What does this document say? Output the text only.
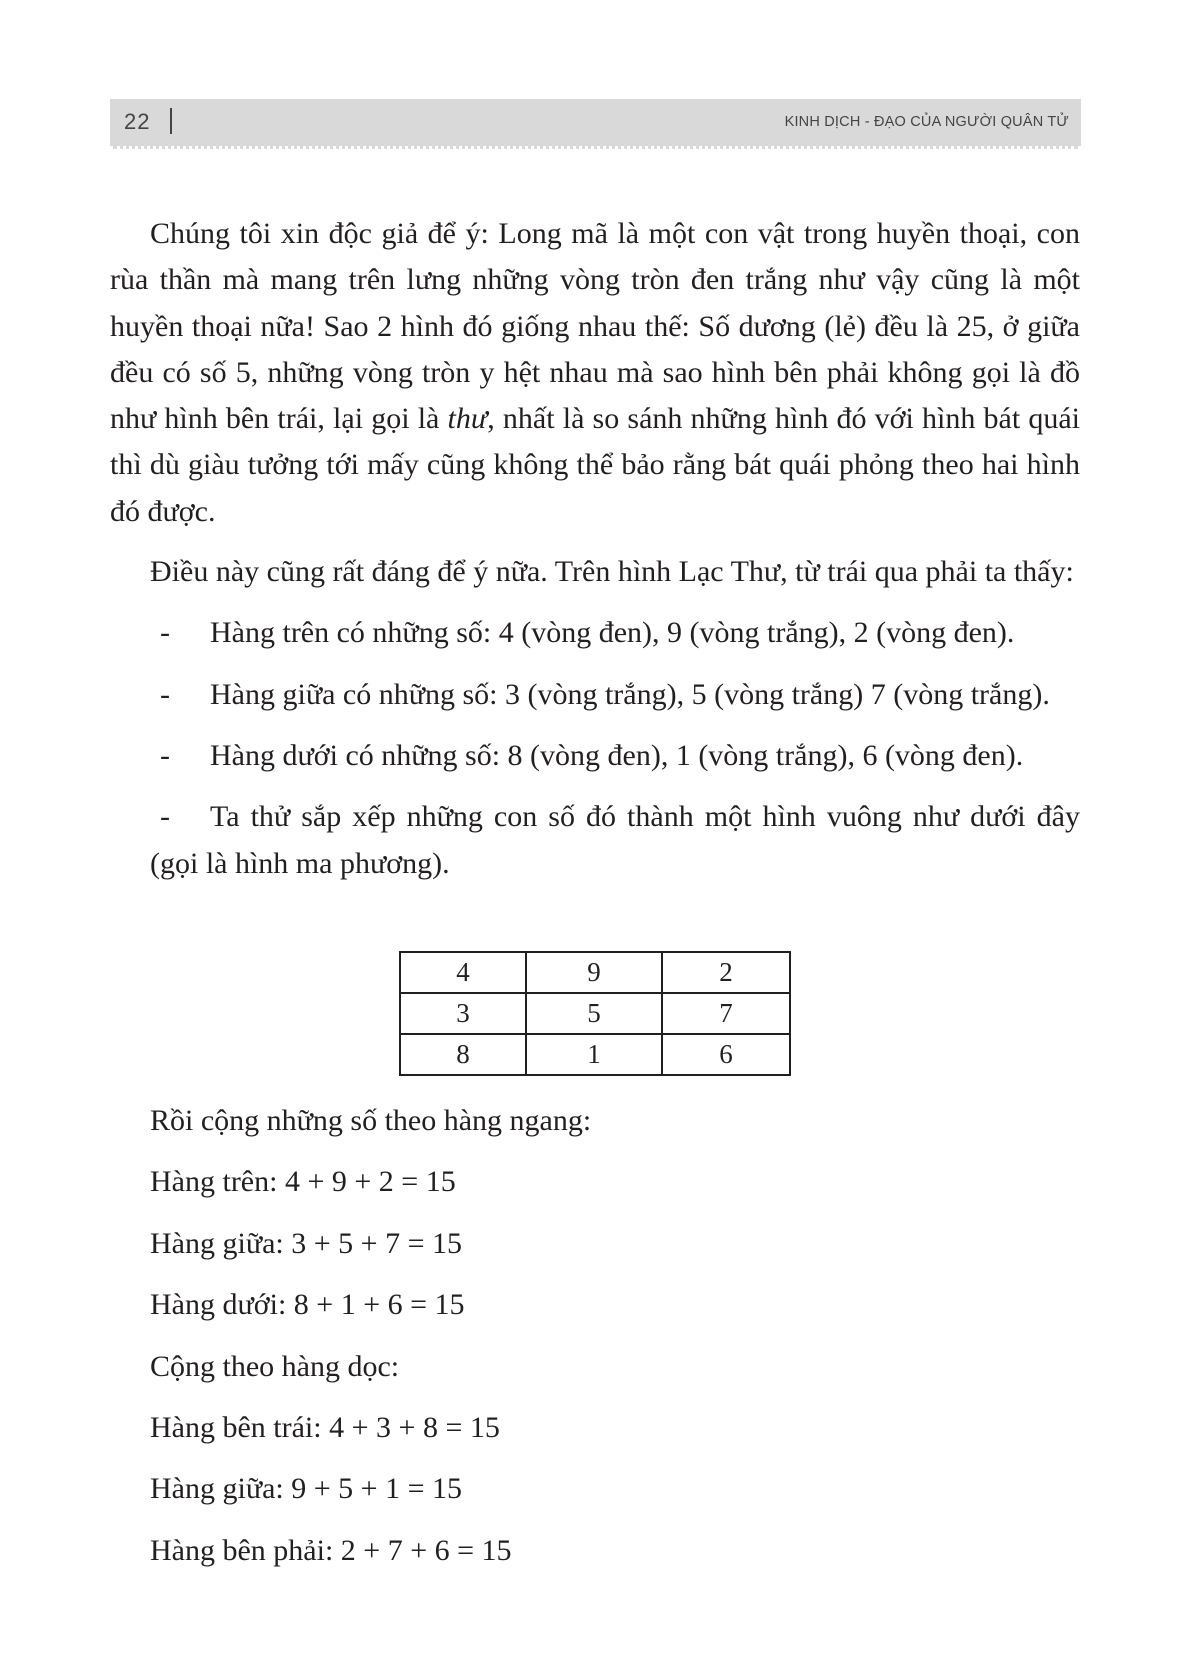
22	KINH DỊCH - ĐẠO CỦA NGƯỜI QUÂN TỬ

Chúng tôi xin độc giả để ý: Long mã là một con vật trong huyền thoại, con rùa thần mà mang trên lưng những vòng tròn đen trắng như vậy cũng là một huyền thoại nữa! Sao 2 hình đó giống nhau thế: Số dương (lẻ) đều là 25, ở giữa đều có số 5, những vòng tròn y hệt nhau mà sao hình bên phải không gọi là đồ như hình bên trái, lại gọi là thư, nhất là so sánh những hình đó với hình bát quái thì dù giàu tưởng tới mấy cũng không thể bảo rằng bát quái phỏng theo hai hình đó được.

Điều này cũng rất đáng để ý nữa. Trên hình Lạc Thư, từ trái qua phải ta thấy:

- Hàng trên có những số: 4 (vòng đen), 9 (vòng trắng), 2 (vòng đen).
- Hàng giữa có những số: 3 (vòng trắng), 5 (vòng trắng) 7 (vòng trắng).
- Hàng dưới có những số: 8 (vòng đen), 1 (vòng trắng), 6 (vòng đen).
- Ta thử sắp xếp những con số đó thành một hình vuông như dưới đây (gọi là hình ma phương).
4	9	2
3	5	7
8	1	6

Rồi cộng những số theo hàng ngang:

Hàng trên: 4 + 9 + 2 = 15

Hàng giữa: 3 + 5 + 7 = 15

Hàng dưới: 8 + 1 + 6 = 15

Cộng theo hàng dọc:

Hàng bên trái: 4 + 3 + 8 = 15

Hàng giữa: 9 + 5 + 1 = 15

Hàng bên phải: 2 + 7 + 6 = 15
